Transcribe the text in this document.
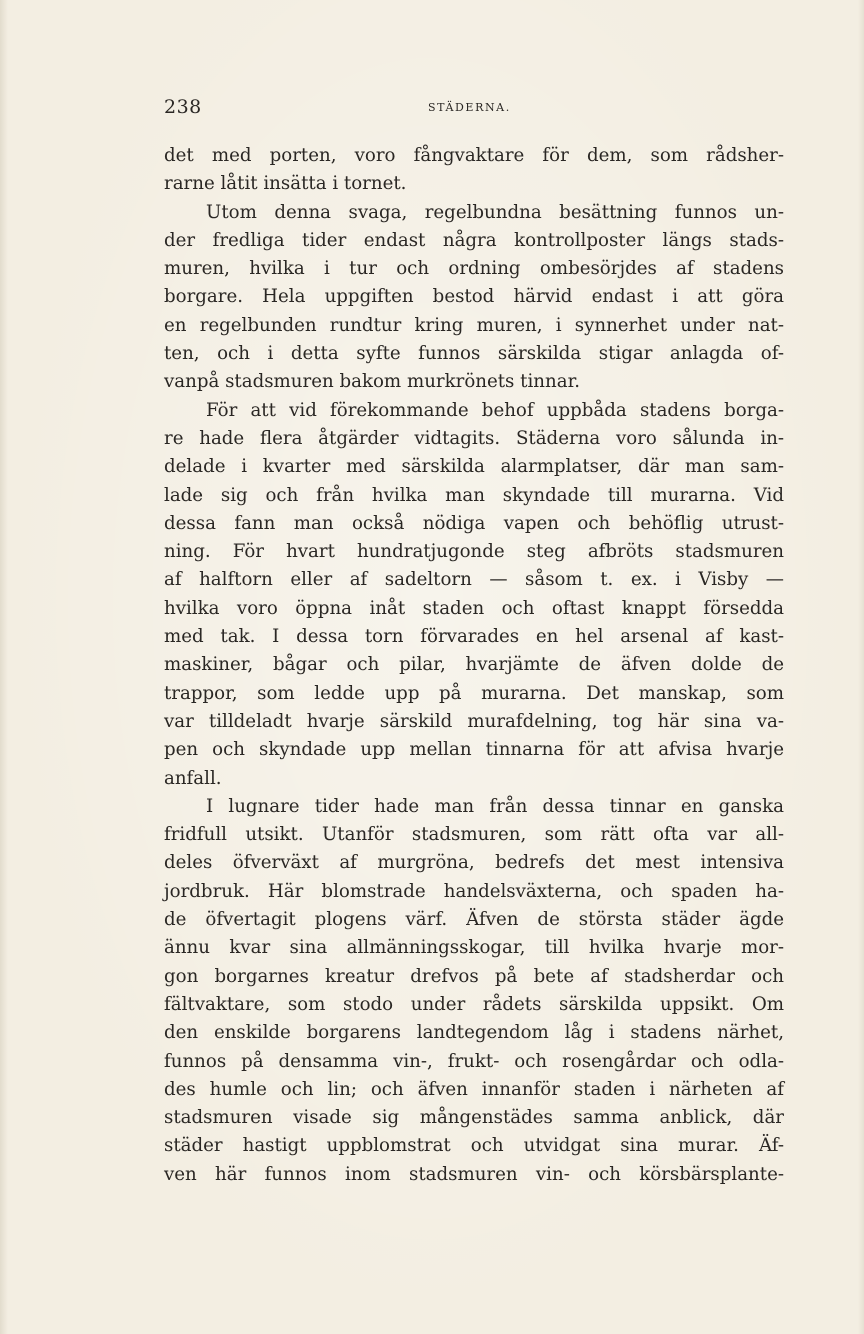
238	STÄDERNA.
det med porten, voro fångvaktare för dem, som rådsher-
rarne låtit insätta i tornet.
Utom denna svaga, regelbundna besättning funnos un-
der fredliga tider endast några kontrollposter längs stads-
muren, hvilka i tur och ordning ombesörjdes af stadens
borgare. Hela uppgiften bestod härvid endast i att göra
en regelbunden rundtur kring muren, i synnerhet under nat-
ten, och i detta syfte funnos särskilda stigar anlagda of-
vanpå stadsmuren bakom murkrönets tinnar.
För att vid förekommande behof uppbåda stadens borga-
re hade flera åtgärder vidtagits. Städerna voro sålunda in-
delade i kvarter med särskilda alarmplatser, där man sam-
lade sig och från hvilka man skyndade till murarna. Vid
dessa fann man också nödiga vapen och behöflig utrust-
ning. För hvart hundratjugonde steg afbröts stadsmuren
af halftorn eller af sadeltorn — såsom t. ex. i Visby —
hvilka voro öppna inåt staden och oftast knappt försedda
med tak. I dessa torn förvarades en hel arsenal af kast-
maskiner, bågar och pilar, hvarjämte de äfven dolde de
trappor, som ledde upp på murarna. Det manskap, som
var tilldeladt hvarje särskild murafdelning, tog här sina va-
pen och skyndade upp mellan tinnarna för att afvisa hvarje
anfall.
I lugnare tider hade man från dessa tinnar en ganska
fridfull utsikt. Utanför stadsmuren, som rätt ofta var all-
deles öfverväxt af murgröna, bedrefs det mest intensiva
jordbruk. Här blomstrade handelsväxterna, och spaden ha-
de öfvertagit plogens värf. Äfven de största städer ägde
ännu kvar sina allmänningsskogar, till hvilka hvarje mor-
gon borgarnes kreatur drefvos på bete af stadsherdar och
fältvaktare, som stodo under rådets särskilda uppsikt. Om
den enskilde borgarens landtegendom låg i stadens närhet,
funnos på densamma vin-, frukt- och rosengårdar och odla-
des humle och lin; och äfven innanför staden i närheten af
stadsmuren visade sig mångenstädes samma anblick, där
städer hastigt uppblomstrat och utvidgat sina murar. Äf-
ven här funnos inom stadsmuren vin- och körsbärsplante-
